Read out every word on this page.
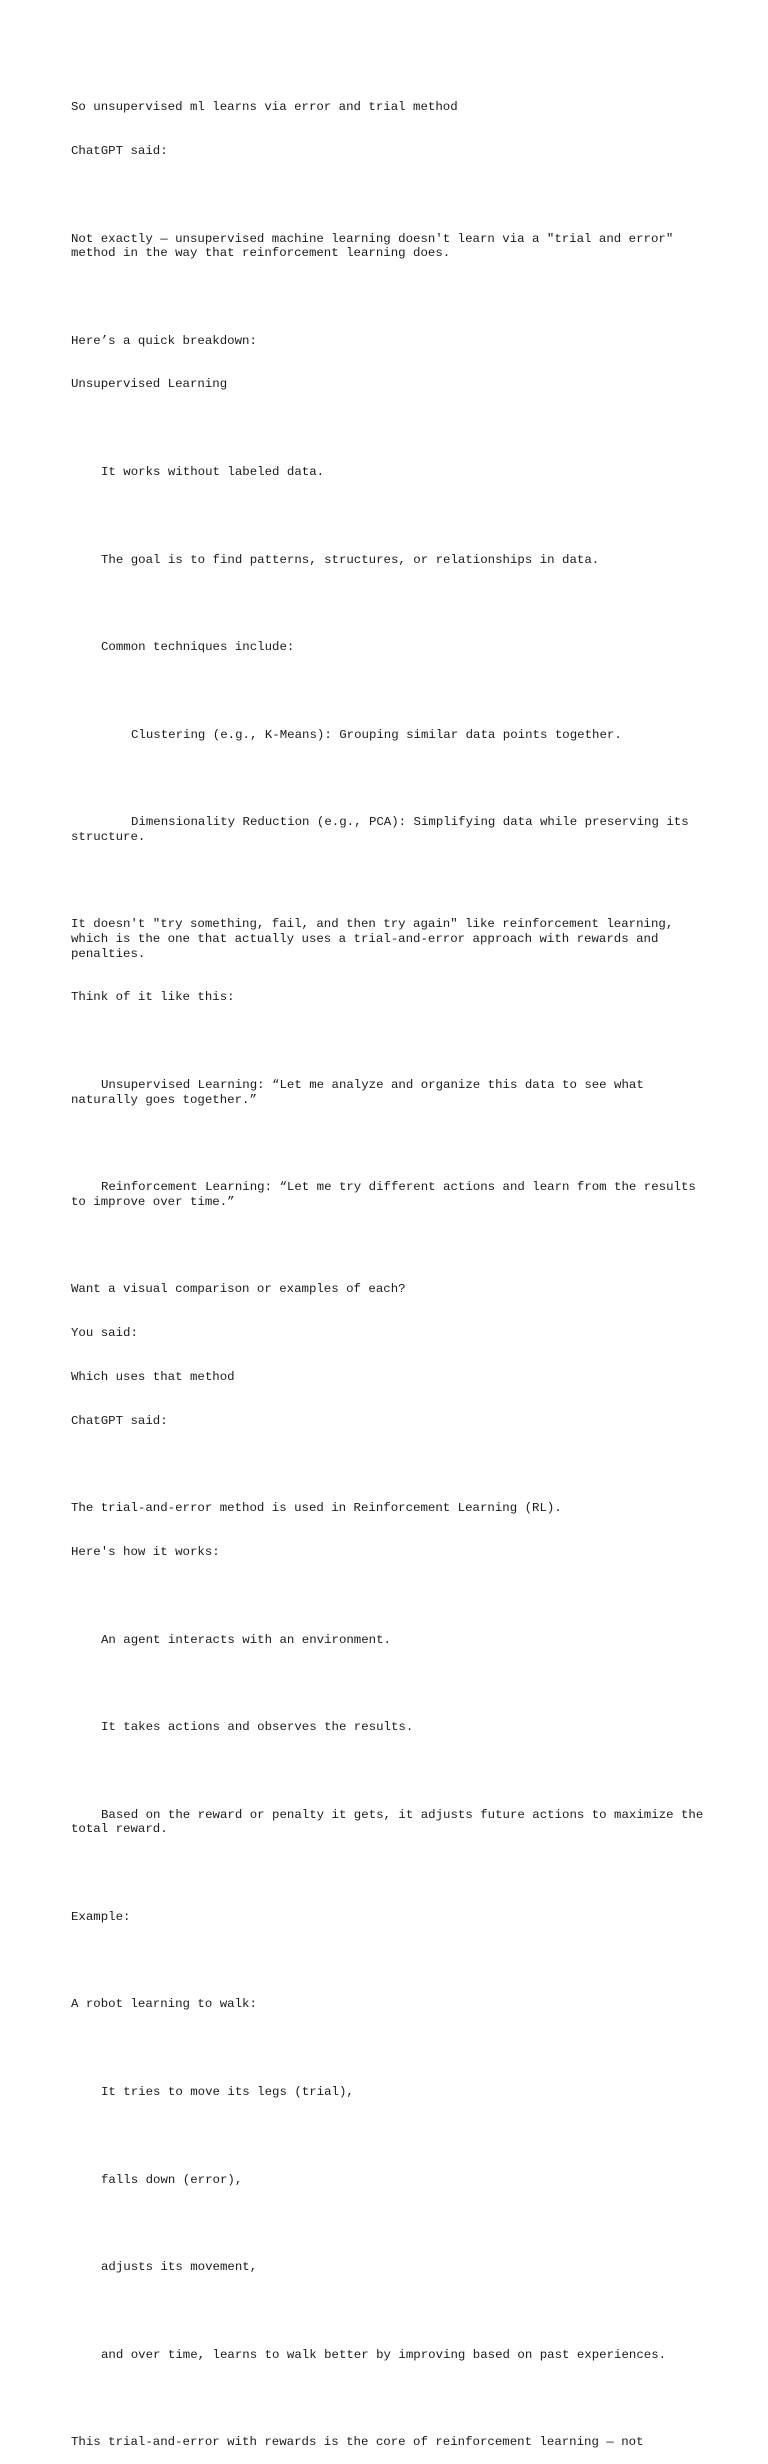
So unsupervised ml learns via error and trial method

ChatGPT said:

Not exactly — unsupervised machine learning doesn't learn via a "trial and error" method in the way that reinforcement learning does.

Here’s a quick breakdown:

Unsupervised Learning

It works without labeled data.

The goal is to find patterns, structures, or relationships in data.

Common techniques include:

Clustering (e.g., K-Means): Grouping similar data points together.

Dimensionality Reduction (e.g., PCA): Simplifying data while preserving its structure.

It doesn't "try something, fail, and then try again" like reinforcement learning, which is the one that actually uses a trial-and-error approach with rewards and penalties.

Think of it like this:

Unsupervised Learning: “Let me analyze and organize this data to see what naturally goes together.”

Reinforcement Learning: “Let me try different actions and learn from the results to improve over time.”

Want a visual comparison or examples of each?

You said:

Which uses that method

ChatGPT said:

The trial-and-error method is used in Reinforcement Learning (RL).

Here's how it works:

An agent interacts with an environment.

It takes actions and observes the results.

Based on the reward or penalty it gets, it adjusts future actions to maximize the total reward.

Example:

A robot learning to walk:

It tries to move its legs (trial),

falls down (error),

adjusts its movement,

and over time, learns to walk better by improving based on past experiences.

This trial-and-error with rewards is the core of reinforcement learning — not
